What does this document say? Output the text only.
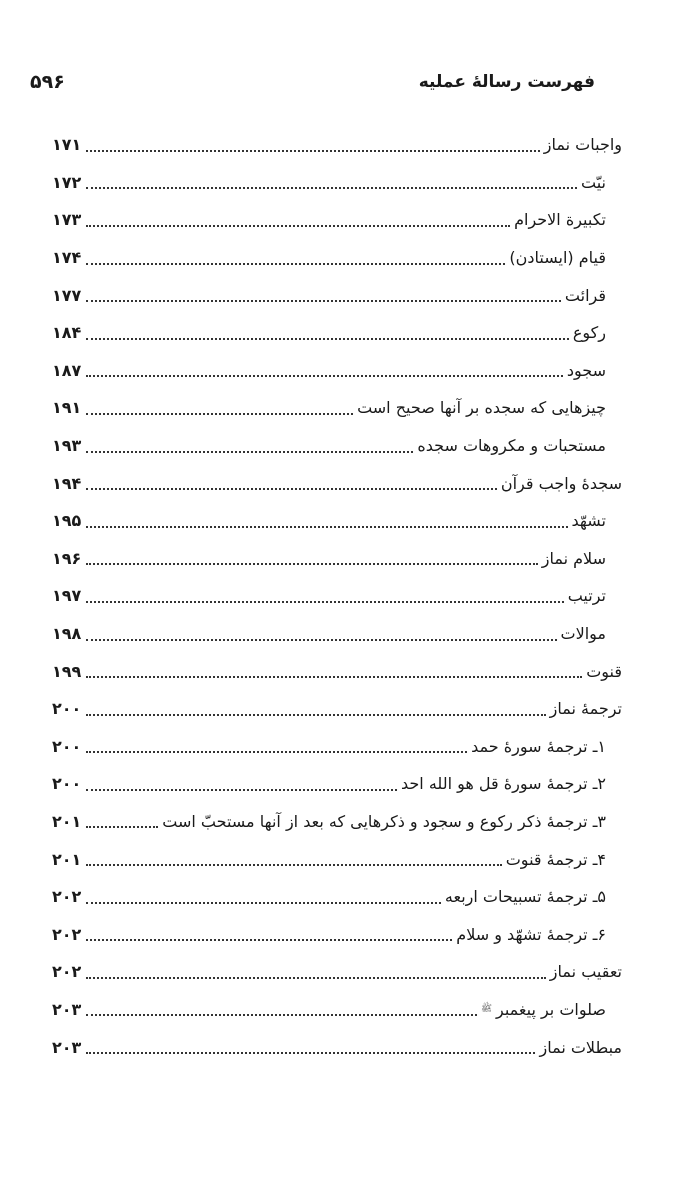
۵۹۶	فهرست رسالهٔ عملیه
واجبات نماز
۱۷۱
نیّت
۱۷۲
تکبیرة الاحرام
۱۷۳
قیام (ایستادن)
۱۷۴
قرائت
۱۷۷
رکوع
۱۸۴
سجود
۱۸۷
چیزهایی که سجده بر آنها صحیح است
۱۹۱
مستحبات و مکروهات سجده
۱۹۳
سجدهٔ واجب قرآن
۱۹۴
تشهّد
۱۹۵
سلام نماز
۱۹۶
ترتیب
۱۹۷
موالات
۱۹۸
قنوت
۱۹۹
ترجمهٔ نماز
۲۰۰
۱ـ ترجمهٔ سورهٔ حمد
۲۰۰
۲ـ ترجمهٔ سورهٔ قل هو الله احد
۲۰۰
۳ـ ترجمهٔ ذکر رکوع و سجود و ذکرهایی که بعد از آنها مستحبّ است
۲۰۱
۴ـ ترجمهٔ قنوت
۲۰۱
۵ـ ترجمهٔ تسبیحات اربعه
۲۰۲
۶ـ ترجمهٔ تشهّد و سلام
۲۰۲
تعقیب نماز
۲۰۲
صلوات بر پیغمبر
ﷺ
۲۰۳
مبطلات نماز
۲۰۳
